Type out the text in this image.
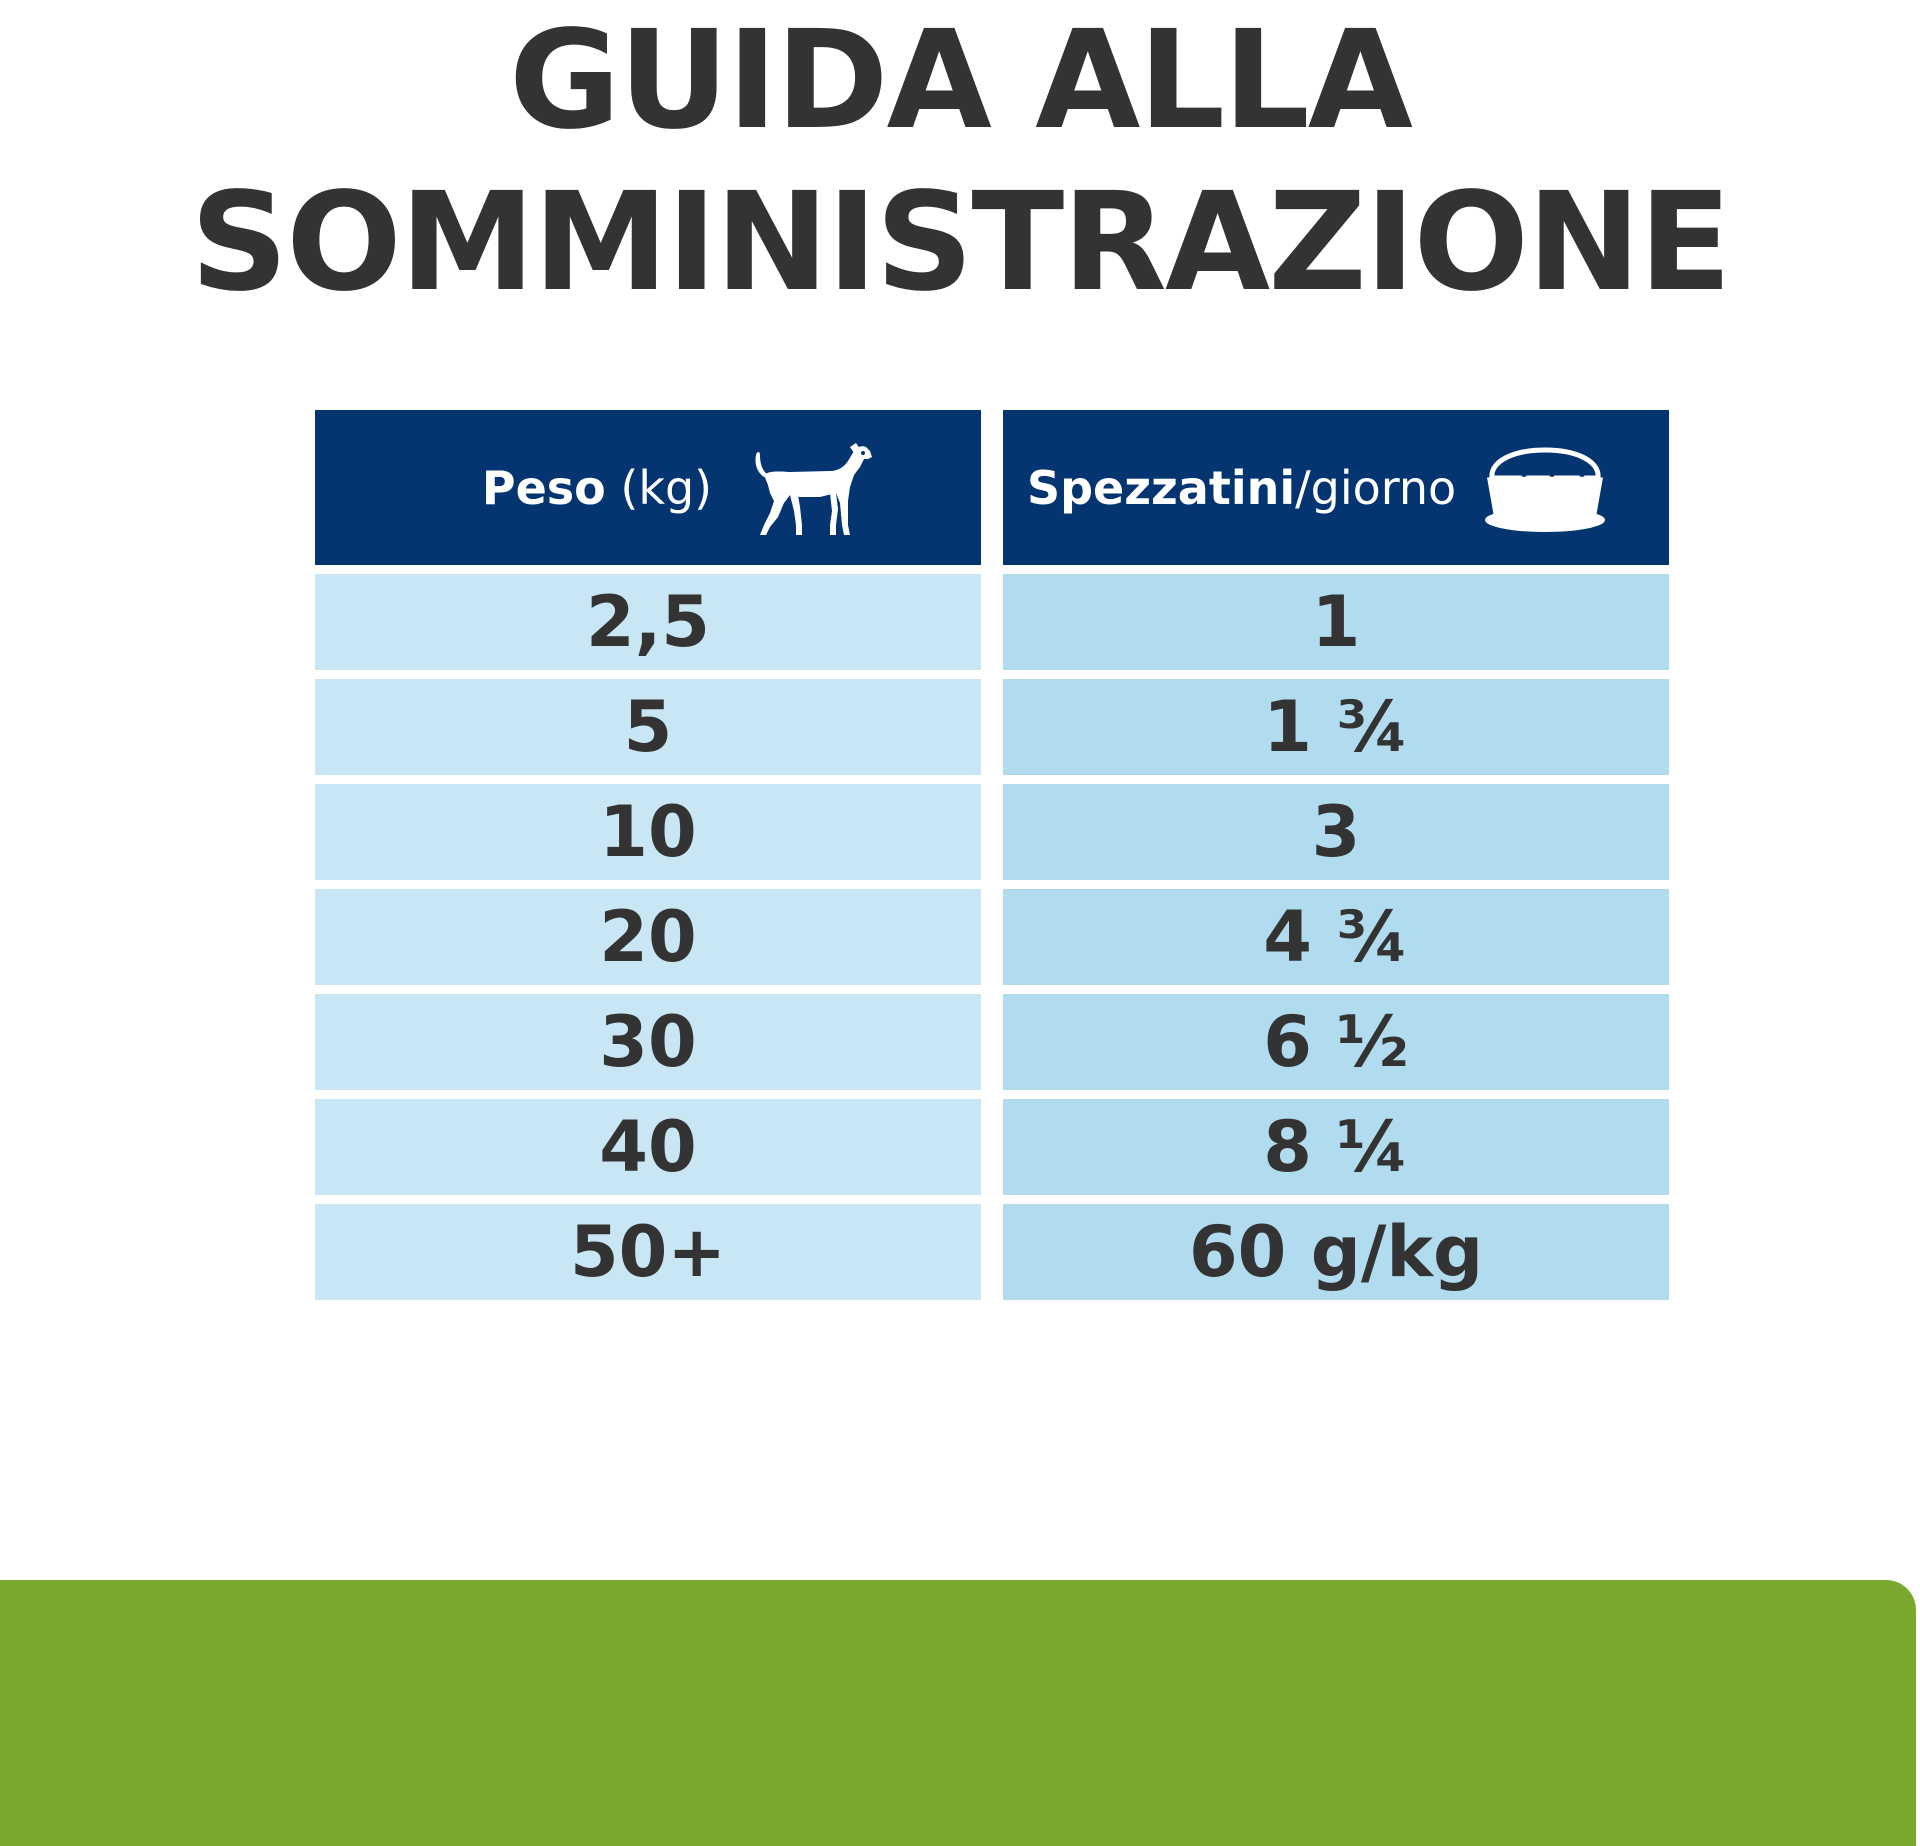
GUIDA ALLA
SOMMINISTRAZIONE
Peso (kg)	Spezzatini/giorno
2,5	1
5	1 ¾
10	3
20	4 ¾
30	6 ½
40	8 ¼
50+	60 g/kg
